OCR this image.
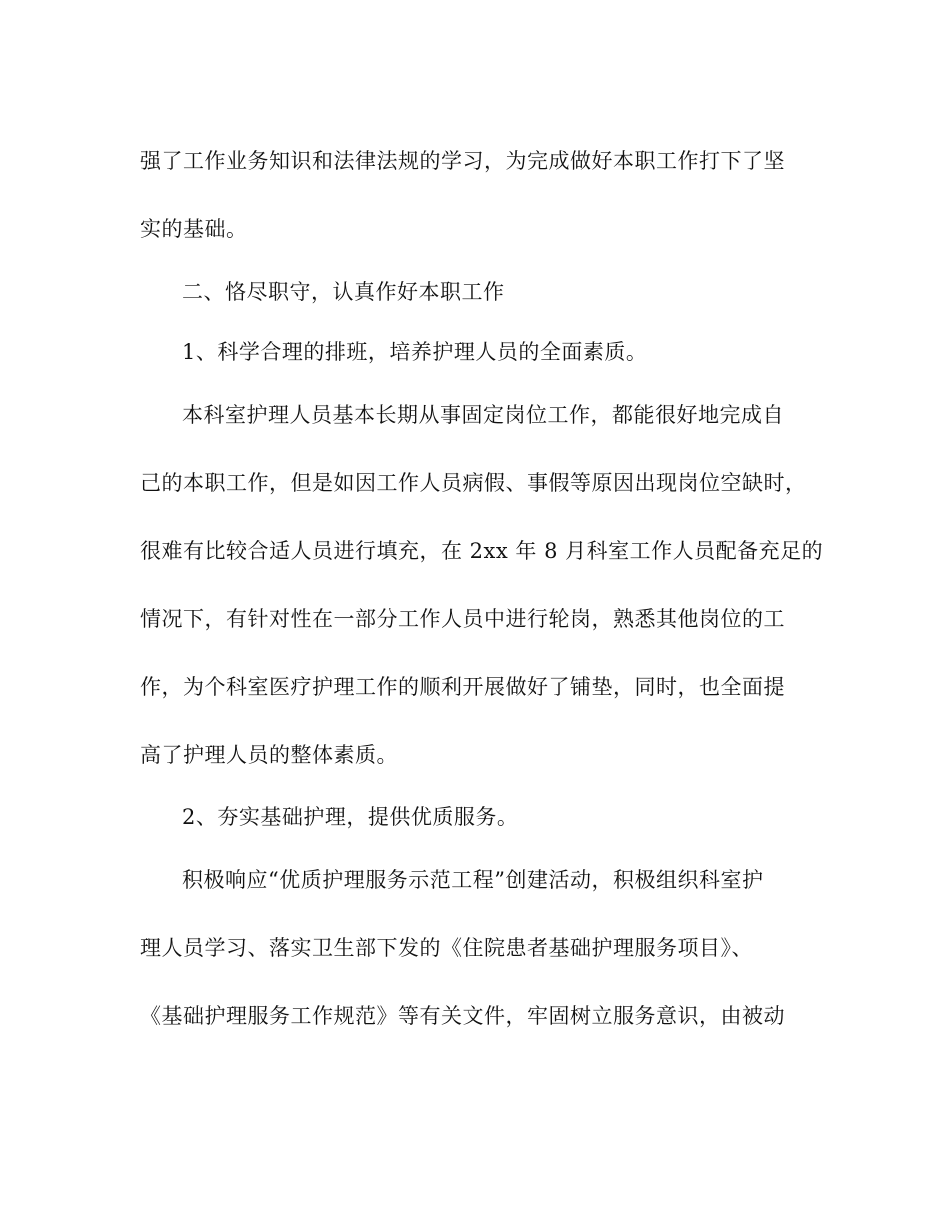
强了工作业务知识和法律法规的学习，为完成做好本职工作打下了坚
实的基础。
二、恪尽职守，认真作好本职工作
1、科学合理的排班，培养护理人员的全面素质。
本科室护理人员基本长期从事固定岗位工作，都能很好地完成自
己的本职工作，但是如因工作人员病假、事假等原因出现岗位空缺时，
很难有比较合适人员进行填充，在 2xx 年 8 月科室工作人员配备充足的
情况下，有针对性在一部分工作人员中进行轮岗，熟悉其他岗位的工
作，为个科室医疗护理工作的顺利开展做好了铺垫，同时，也全面提
高了护理人员的整体素质。
2、夯实基础护理，提供优质服务。
积极响应“优质护理服务示范工程”创建活动，积极组织科室护
理人员学习、落实卫生部下发的《住院患者基础护理服务项目》、
《基础护理服务工作规范》等有关文件，牢固树立服务意识，由被动
